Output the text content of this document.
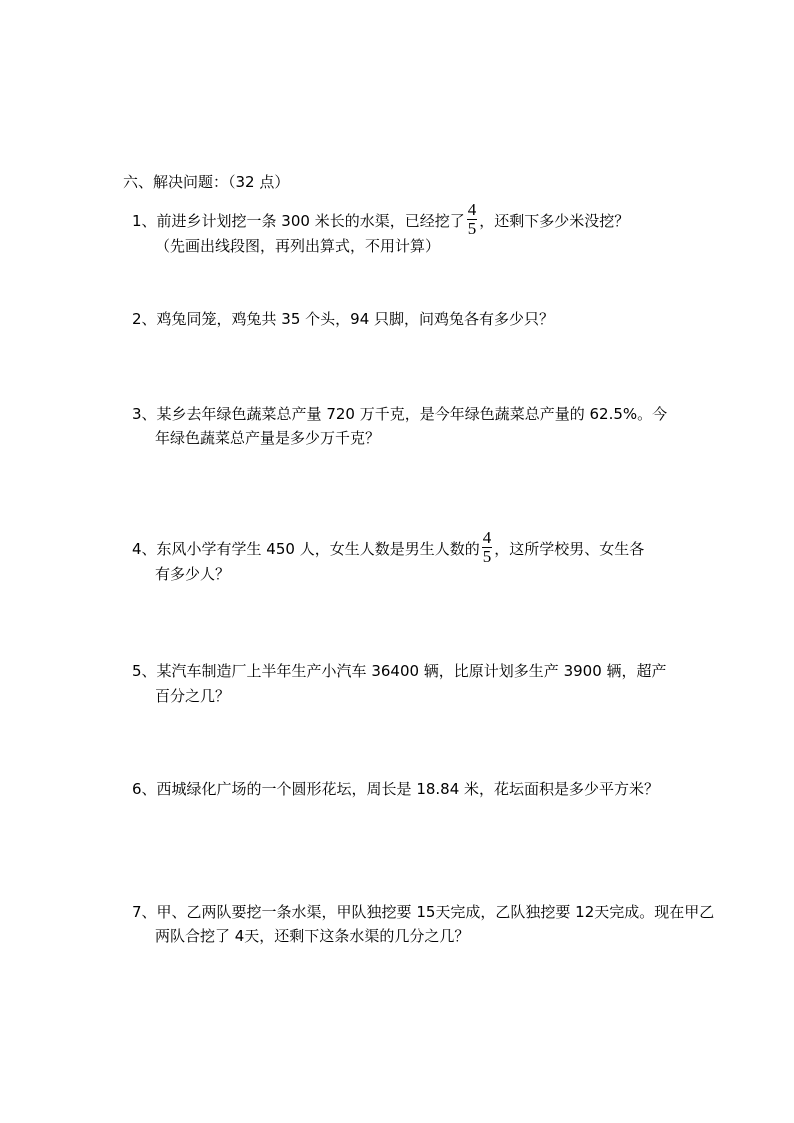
六、解决问题：（32 点）
1、前进乡计划挖一条 300 米长的水渠，已经挖了 $\frac{4}{5}$ ，还剩下多少米没挖？
（先画出线段图，再列出算式，不用计算）
2、鸡兔同笼，鸡兔共 35 个头，94 只脚，问鸡兔各有多少只？
3、某乡去年绿色蔬菜总产量 720 万千克，是今年绿色蔬菜总产量的 62.5%。今
年绿色蔬菜总产量是多少万千克？
4、东风小学有学生 450 人，女生人数是男生人数的 $\frac{4}{5}$ ，这所学校男、女生各
有多少人？
5、某汽车制造厂上半年生产小汽车 36400 辆，比原计划多生产 3900 辆，超产
百分之几？
6、西城绿化广场的一个圆形花坛，周长是 18.84 米，花坛面积是多少平方米？
7、甲、乙两队要挖一条水渠，甲队独挖要 15天完成，乙队独挖要 12天完成。现在甲乙
两队合挖了 4天，还剩下这条水渠的几分之几？
